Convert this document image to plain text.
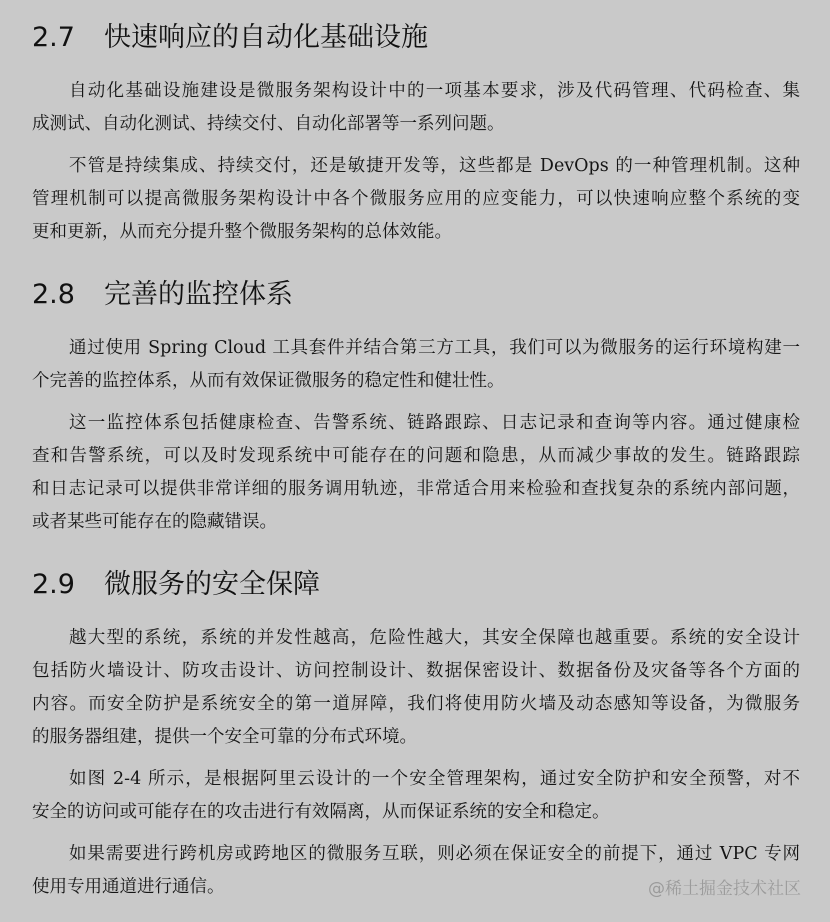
2.7 快速响应的自动化基础设施
自动化基础设施建设是微服务架构设计中的一项基本要求，涉及代码管理、代码检查、集
成测试、自动化测试、持续交付、自动化部署等一系列问题。
不管是持续集成、持续交付，还是敏捷开发等，这些都是 DevOps 的一种管理机制。这种
管理机制可以提高微服务架构设计中各个微服务应用的应变能力，可以快速响应整个系统的变
更和更新，从而充分提升整个微服务架构的总体效能。
2.8 完善的监控体系
通过使用 Spring Cloud 工具套件并结合第三方工具，我们可以为微服务的运行环境构建一
个完善的监控体系，从而有效保证微服务的稳定性和健壮性。
这一监控体系包括健康检查、告警系统、链路跟踪、日志记录和查询等内容。通过健康检
查和告警系统，可以及时发现系统中可能存在的问题和隐患，从而减少事故的发生。链路跟踪
和日志记录可以提供非常详细的服务调用轨迹，非常适合用来检验和查找复杂的系统内部问题，
或者某些可能存在的隐藏错误。
2.9 微服务的安全保障
越大型的系统，系统的并发性越高，危险性越大，其安全保障也越重要。系统的安全设计
包括防火墙设计、防攻击设计、访问控制设计、数据保密设计、数据备份及灾备等各个方面的
内容。而安全防护是系统安全的第一道屏障，我们将使用防火墙及动态感知等设备，为微服务
的服务器组建，提供一个安全可靠的分布式环境。
如图 2-4 所示，是根据阿里云设计的一个安全管理架构，通过安全防护和安全预警，对不
安全的访问或可能存在的攻击进行有效隔离，从而保证系统的安全和稳定。
如果需要进行跨机房或跨地区的微服务互联，则必须在保证安全的前提下，通过 VPC 专网
使用专用通道进行通信。	@稀土掘金技术社区
